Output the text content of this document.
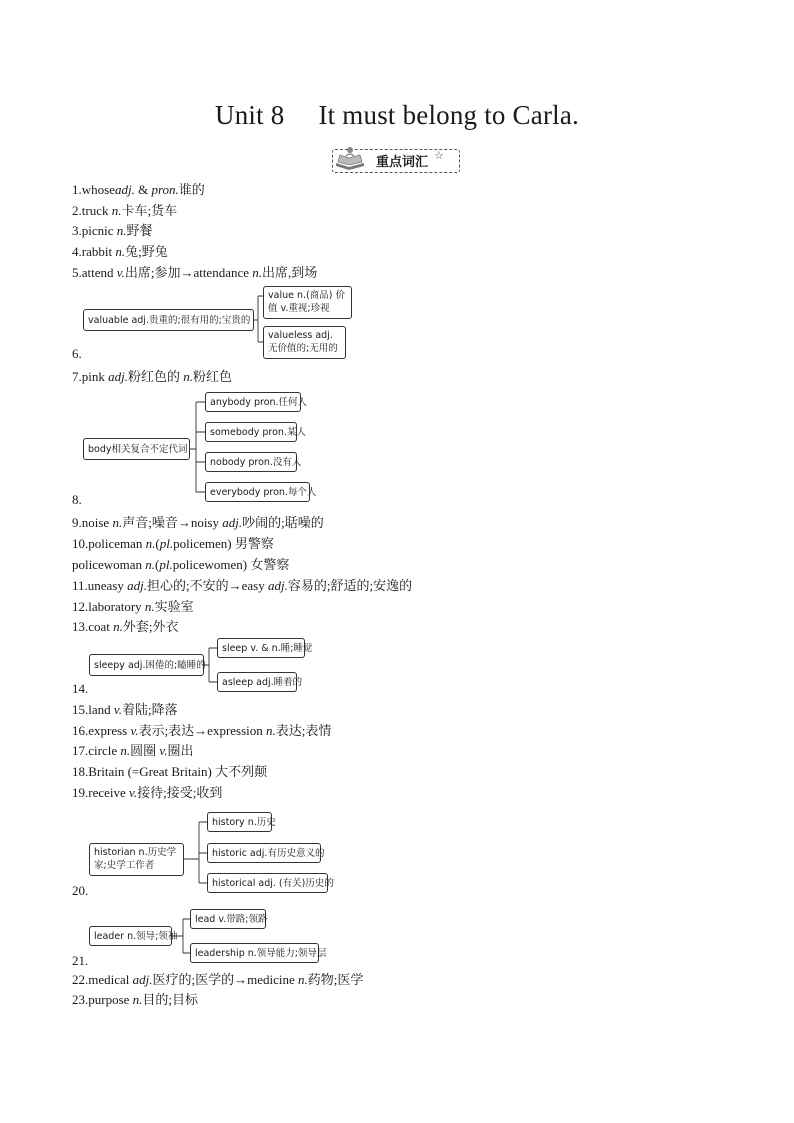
Unit 8 It must belong to Carla.
重点词汇 ☆
1.whoseadj. & pron.谁的
2.truck n.卡车;货车
3.picnic n.野餐
4.rabbit n.兔;野兔
5.attend v.出席;参加→attendance n.出席,到场
6.
7.pink adj.粉红色的 n.粉红色
8.
9.noise n.声音;噪音→noisy adj.吵闹的;聒噪的
10.policeman n.(pl.policemen) 男警察
policewoman n.(pl.policewomen) 女警察
11.uneasy adj.担心的;不安的→easy adj.容易的;舒适的;安逸的
12.laboratory n.实验室
13.coat n.外套;外衣
14.
15.land v.着陆;降落
16.express v.表示;表达→expression n.表达;表情
17.circle n.圆圈 v.圈出
18.Britain (=Great Britain) 大不列颠
19.receive v.接待;接受;收到
20.
21.
22.medical adj.医疗的;医学的→medicine n.药物;医学
23.purpose n.目的;目标
valuable adj.贵重的;很有用的;宝贵的
value n.(商品) 价值 v.重视;珍视
valueless adj.无价值的;无用的
body相关复合不定代词
anybody pron.任何人
somebody pron.某人
nobody pron.没有人
everybody pron.每个人
sleepy adj.困倦的;瞌睡的
sleep v. & n.睡;睡觉
asleep adj.睡着的
historian n.历史学家;史学工作者
history n.历史
historic adj.有历史意义的
historical adj. (有关)历史的
leader n.领导;领袖
lead v.带路;领路
leadership n.领导能力;领导层
